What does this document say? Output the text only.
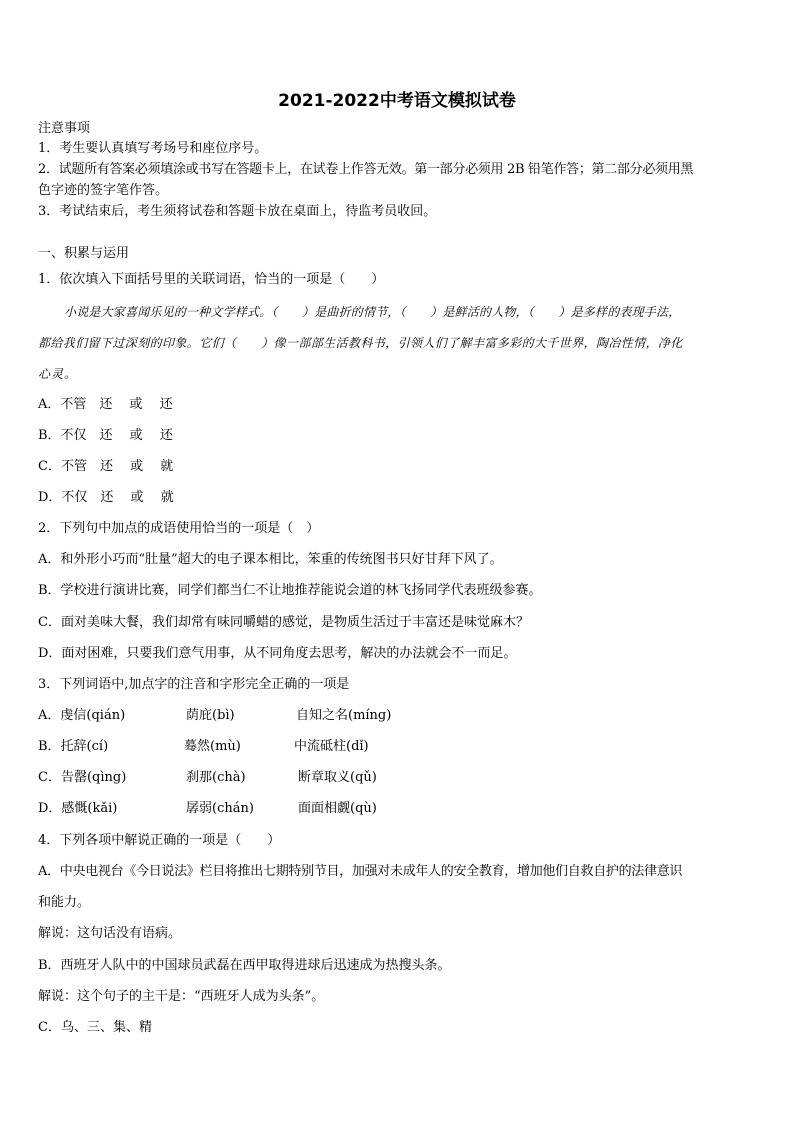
2021-2022中考语文模拟试卷
注意事项
1．考生要认真填写考场号和座位序号。
2．试题所有答案必须填涂或书写在答题卡上，在试卷上作答无效。第一部分必须用 2B 铅笔作答；第二部分必须用黑
色字迹的签字笔作答。
3．考试结束后，考生须将试卷和答题卡放在桌面上，待监考员收回。
一、积累与运用
1．依次填入下面括号里的关联词语，恰当的一项是（　　）
小说是大家喜闻乐见的一种文学样式。（　　）是曲折的情节，（　　）是鲜活的人物，（　　）是多样的表现手法，
都给我们留下过深刻的印象。它们（　　）像一部部生活教科书，引领人们了解丰富多彩的大千世界，陶冶性情，净化
心灵。
A．不管　还　 或　 还
B．不仅　还　 或　 还
C．不管　还　 或　 就
D．不仅　还　 或　 就
2．下列句中加点的成语使用恰当的一项是（　）
A．和外形小巧而“肚量”超大的电子课本相比，笨重的传统图书只好甘拜下风了。
B．学校进行演讲比赛，同学们都当仁不让地推荐能说会道的林飞扬同学代表班级参赛。
C．面对美味大餐，我们却常有味同嚼蜡的感觉，是物质生活过于丰富还是味觉麻木？
D．面对困难，只要我们意气用事，从不同角度去思考，解决的办法就会不一而足。
3．下列词语中,加点字的注音和字形完全正确的一项是
A．虔信(qián)	荫庇(bì)	自知之名(míng)
B．托辞(cí)	蓦然(mù)	中流砥柱(dǐ)
C．告罄(qìng)	刹那(chà)	断章取义(qǔ)
D．感慨(kǎi)	孱弱(chán)	面面相觑(qù)
4．下列各项中解说正确的一项是（　　）
A．中央电视台《今日说法》栏目将推出七期特别节目，加强对未成年人的安全教育，增加他们自救自护的法律意识
和能力。
解说：这句话没有语病。
B．西班牙人队中的中国球员武磊在西甲取得进球后迅速成为热搜头条。
解说：这个句子的主干是：“西班牙人成为头条”。
C．乌、三、集、精
